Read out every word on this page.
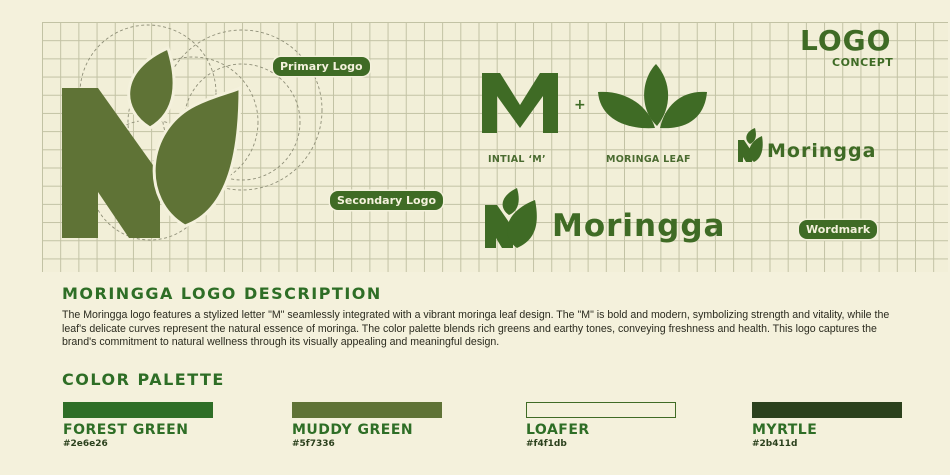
LOGO
CONCEPT
Primary Logo
Secondary Logo
Wordmark
+
INTIAL ‘M’	MORINGA LEAF	Moringga
Moringga
MORINGGA LOGO DESCRIPTION

The Moringga logo features a stylized letter "M" seamlessly integrated with a vibrant moringa leaf design. The "M" is bold and modern, symbolizing strength and vitality, while the leaf's delicate curves represent the natural essence of moringa. The color palette blends rich greens and earthy tones, conveying freshness and health. This logo captures the brand's commitment to natural wellness through its visually appealing and meaningful design.

COLOR PALETTE
FOREST GREEN
#2e6e26
MUDDY GREEN
#5f7336
LOAFER
#f4f1db
MYRTLE
#2b411d
